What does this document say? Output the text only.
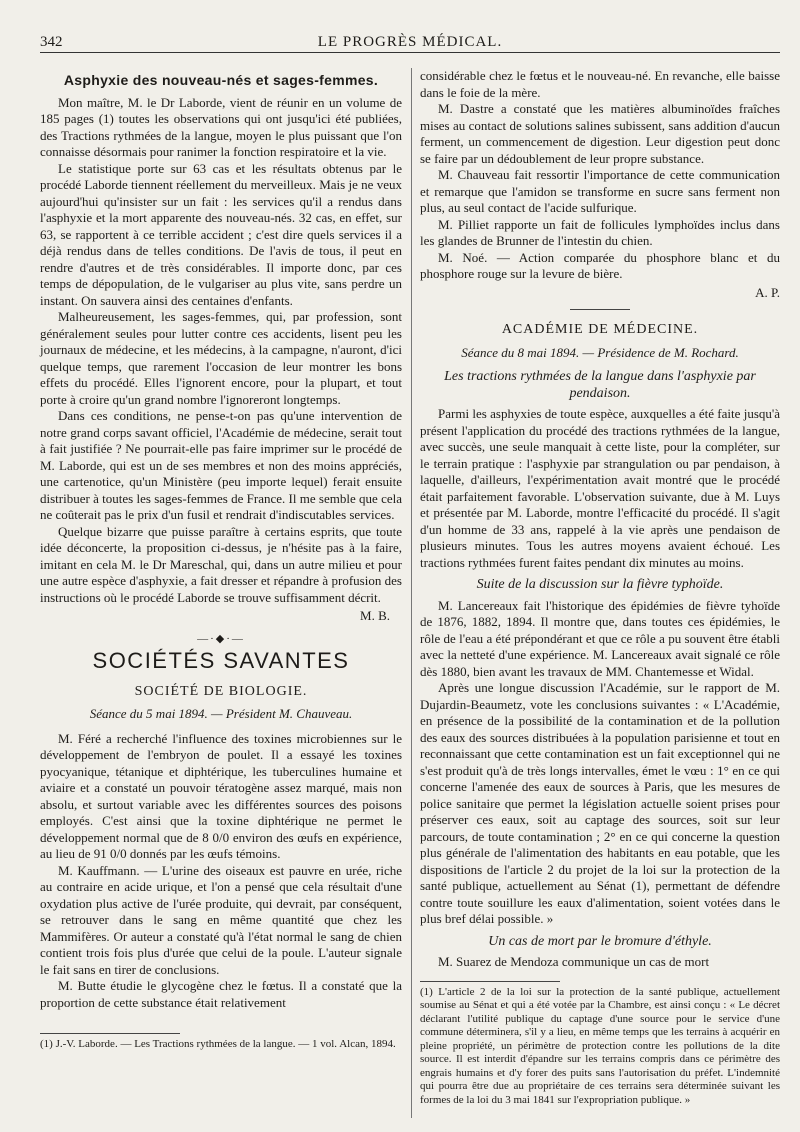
342	LE PROGRÈS MÉDICAL.
Asphyxie des nouveau-nés et sages-femmes.

Mon maître, M. le Dr Laborde, vient de réunir en un volume de 185 pages (1) toutes les observations qui ont jusqu'ici été publiées, des Tractions rythmées de la langue, moyen le plus puissant que l'on connaisse désormais pour ranimer la fonction respiratoire et la vie.

Le statistique porte sur 63 cas et les résultats obtenus par le procédé Laborde tiennent réellement du merveilleux. Mais je ne veux aujourd'hui qu'insister sur un fait : les services qu'il a rendus dans l'asphyxie et la mort apparente des nouveau-nés. 32 cas, en effet, sur 63, se rapportent à ce terrible accident ; c'est dire quels services il a déjà rendus dans de telles conditions. De l'avis de tous, il peut en rendre d'autres et de très considérables. Il importe donc, par ces temps de dépopulation, de le vulgariser au plus vite, sans perdre un instant. On sauvera ainsi des centaines d'enfants.

Malheureusement, les sages-femmes, qui, par profession, sont généralement seules pour lutter contre ces accidents, lisent peu les journaux de médecine, et les médecins, à la campagne, n'auront, d'ici quelque temps, que rarement l'occasion de leur montrer les bons effets du procédé. Elles l'ignorent encore, pour la plupart, et tout porte à croire qu'un grand nombre l'ignoreront longtemps.

Dans ces conditions, ne pense-t-on pas qu'une intervention de notre grand corps savant officiel, l'Académie de médecine, serait tout à fait justifiée ? Ne pourrait-elle pas faire imprimer sur le procédé de M. Laborde, qui est un de ses membres et non des moins appréciés, une cartenotice, qu'un Ministère (peu importe lequel) ferait ensuite distribuer à toutes les sages-femmes de France. Il me semble que cela ne coûterait pas le prix d'un fusil et rendrait d'indiscutables services.

Quelque bizarre que puisse paraître à certains esprits, que toute idée déconcerte, la proposition ci-dessus, je n'hésite pas à la faire, imitant en cela M. le Dr Mareschal, qui, dans un autre milieu et pour une autre espèce d'asphyxie, a fait dresser et répandre à profusion des instructions où le procédé Laborde se trouve suffisamment décrit.

M. B.
—·◆·—
SOCIÉTÉS SAVANTES
SOCIÉTÉ DE BIOLOGIE.
Séance du 5 mai 1894. — Président M. Chauveau.

M. Féré a recherché l'influence des toxines microbiennes sur le développement de l'embryon de poulet. Il a essayé les toxines pyocyanique, tétanique et diphtérique, les tuberculines humaine et aviaire et a constaté un pouvoir tératogène assez marqué, mais non absolu, et surtout variable avec les différentes sources des poisons employés. C'est ainsi que la toxine diphtérique ne permet le développement normal que de 8 0/0 environ des œufs en expérience, au lieu de 91 0/0 donnés par les œufs témoins.

M. Kauffmann. — L'urine des oiseaux est pauvre en urée, riche au contraire en acide urique, et l'on a pensé que cela résultait d'une oxydation plus active de l'urée produite, qui devrait, par conséquent, se retrouver dans le sang en même quantité que chez les Mammifères. Or auteur a constaté qu'à l'état normal le sang de chien contient trois fois plus d'urée que celui de la poule. L'auteur signale le fait sans en tirer de conclusions.

M. Butte étudie le glycogène chez le fœtus. Il a constaté que la proportion de cette substance était relativement

(1) J.-V. Laborde. — Les Tractions rythmées de la langue. — 1 vol. Alcan, 1894.

considérable chez le fœtus et le nouveau-né. En revanche, elle baisse dans le foie de la mère.

M. Dastre a constaté que les matières albuminoïdes fraîches mises au contact de solutions salines subissent, sans addition d'aucun ferment, un commencement de digestion. Leur digestion peut donc se faire par un dédoublement de leur propre substance.

M. Chauveau fait ressortir l'importance de cette communication et remarque que l'amidon se transforme en sucre sans ferment non plus, au seul contact de l'acide sulfurique.

M. Pilliet rapporte un fait de follicules lymphoïdes inclus dans les glandes de Brunner de l'intestin du chien.

M. Noé. — Action comparée du phosphore blanc et du phosphore rouge sur la levure de bière.

A. P.
ACADÉMIE DE MÉDECINE.
Séance du 8 mai 1894. — Présidence de M. Rochard.
Les tractions rythmées de la langue dans l'asphyxie par pendaison.

Parmi les asphyxies de toute espèce, auxquelles a été faite jusqu'à présent l'application du procédé des tractions rythmées de la langue, avec succès, une seule manquait à cette liste, pour la compléter, sur le terrain pratique : l'asphyxie par strangulation ou par pendaison, à laquelle, d'ailleurs, l'expérimentation avait montré que le procédé était parfaitement favorable. L'observation suivante, due à M. Luys et présentée par M. Laborde, montre l'efficacité du procédé. Il s'agit d'un homme de 33 ans, rappelé à la vie après une pendaison de plusieurs minutes. Tous les autres moyens avaient échoué. Les tractions rythmées furent faites pendant dix minutes au moins.

Suite de la discussion sur la fièvre typhoïde.

M. Lancereaux fait l'historique des épidémies de fièvre tyhoïde de 1876, 1882, 1894. Il montre que, dans toutes ces épidémies, le rôle de l'eau a été prépondérant et que ce rôle a pu souvent être établi avec la netteté d'une expérience. M. Lancereaux avait signalé ce rôle dès 1880, bien avant les travaux de MM. Chantemesse et Widal.

Après une longue discussion l'Académie, sur le rapport de M. Dujardin-Beaumetz, vote les conclusions suivantes : « L'Académie, en présence de la possibilité de la contamination et de la pollution des eaux des sources distribuées à la population parisienne et tout en reconnaissant que cette contamination est un fait exceptionnel qui ne s'est produit qu'à de très longs intervalles, émet le vœu : 1° en ce qui concerne l'amenée des eaux de sources à Paris, que les mesures de police sanitaire que permet la législation actuelle soient prises pour préserver ces eaux, soit au captage des sources, soit sur leur parcours, de toute contamination ; 2° en ce qui concerne la question plus générale de l'alimentation des habitants en eau potable, que les dispositions de l'article 2 du projet de la loi sur la protection de la santé publique, actuellement au Sénat (1), permettant de défendre contre toute souillure les eaux d'alimentation, soient votées dans le plus bref délai possible. »

Un cas de mort par le bromure d'éthyle.

M. Suarez de Mendoza communique un cas de mort

(1) L'article 2 de la loi sur la protection de la santé publique, actuellement soumise au Sénat et qui a été votée par la Chambre, est ainsi conçu : « Le décret déclarant l'utilité publique du captage d'une source pour le service d'une commune déterminera, s'il y a lieu, en même temps que les terrains à acquérir en pleine propriété, un périmètre de protection contre les pollutions de la dite source. Il est interdit d'épandre sur les terrains compris dans ce périmètre des engrais humains et d'y forer des puits sans l'autorisation du préfet. L'indemnité qui pourra être due au propriétaire de ces terrains sera déterminée suivant les formes de la loi du 3 mai 1841 sur l'expropriation publique. »
